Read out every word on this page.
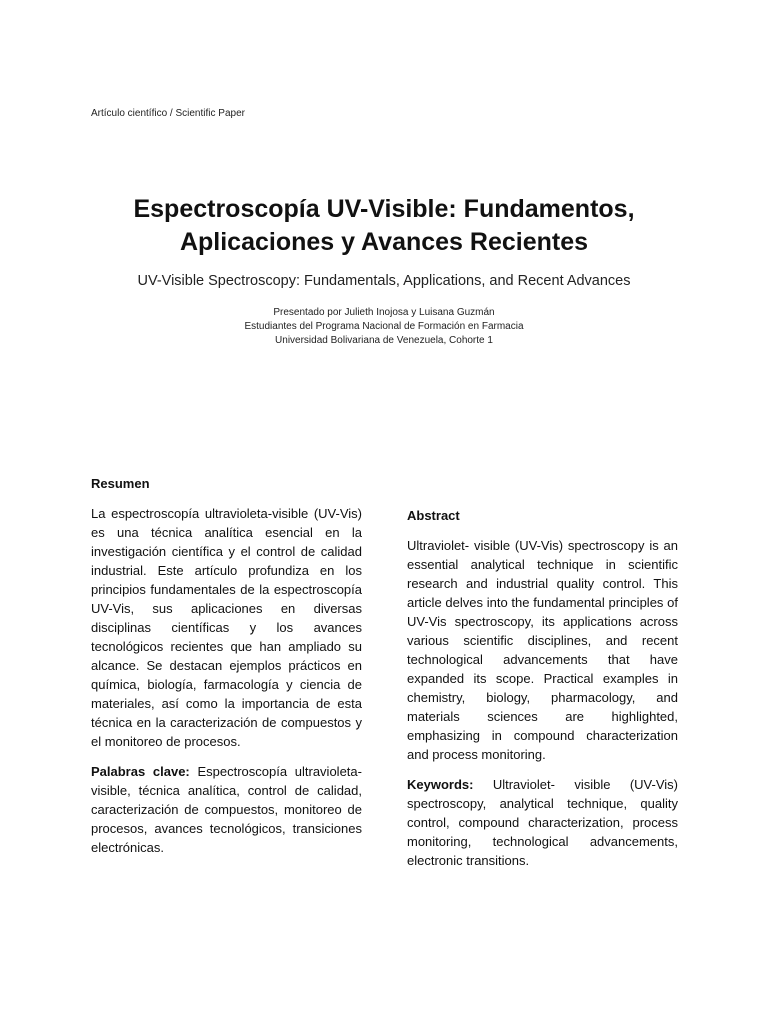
Artículo científico / Scientific Paper
Espectroscopía UV-Visible: Fundamentos,
Aplicaciones y Avances Recientes
UV-Visible Spectroscopy: Fundamentals, Applications, and Recent Advances
Presentado por Julieth Inojosa y Luisana Guzmán
Estudiantes del Programa Nacional de Formación en Farmacia
Universidad Bolivariana de Venezuela, Cohorte 1
Resumen

La espectroscopía ultravioleta-visible (UV-Vis) es una técnica analítica esencial en la investigación científica y el control de calidad industrial. Este artículo profundiza en los principios fundamentales de la espectroscopía UV-Vis, sus aplicaciones en diversas disciplinas científicas y los avances tecnológicos recientes que han ampliado su alcance. Se destacan ejemplos prácticos en química, biología, farmacología y ciencia de materiales, así como la importancia de esta técnica en la caracterización de compuestos y el monitoreo de procesos.

Palabras clave: Espectroscopía ultravioleta-visible, técnica analítica, control de calidad, caracterización de compuestos, monitoreo de procesos, avances tecnológicos, transiciones electrónicas.

Abstract

Ultraviolet- visible (UV-Vis) spectroscopy is an essential analytical technique in scientific research and industrial quality control. This article delves into the fundamental principles of UV-Vis spectroscopy, its applications across various scientific disciplines, and recent technological advancements that have expanded its scope. Practical examples in chemistry, biology, pharmacology, and materials sciences are highlighted, emphasizing in compound characterization and process monitoring.

Keywords: Ultraviolet- visible (UV-Vis) spectroscopy, analytical technique, quality control, compound characterization, process monitoring, technological advancements, electronic transitions.
